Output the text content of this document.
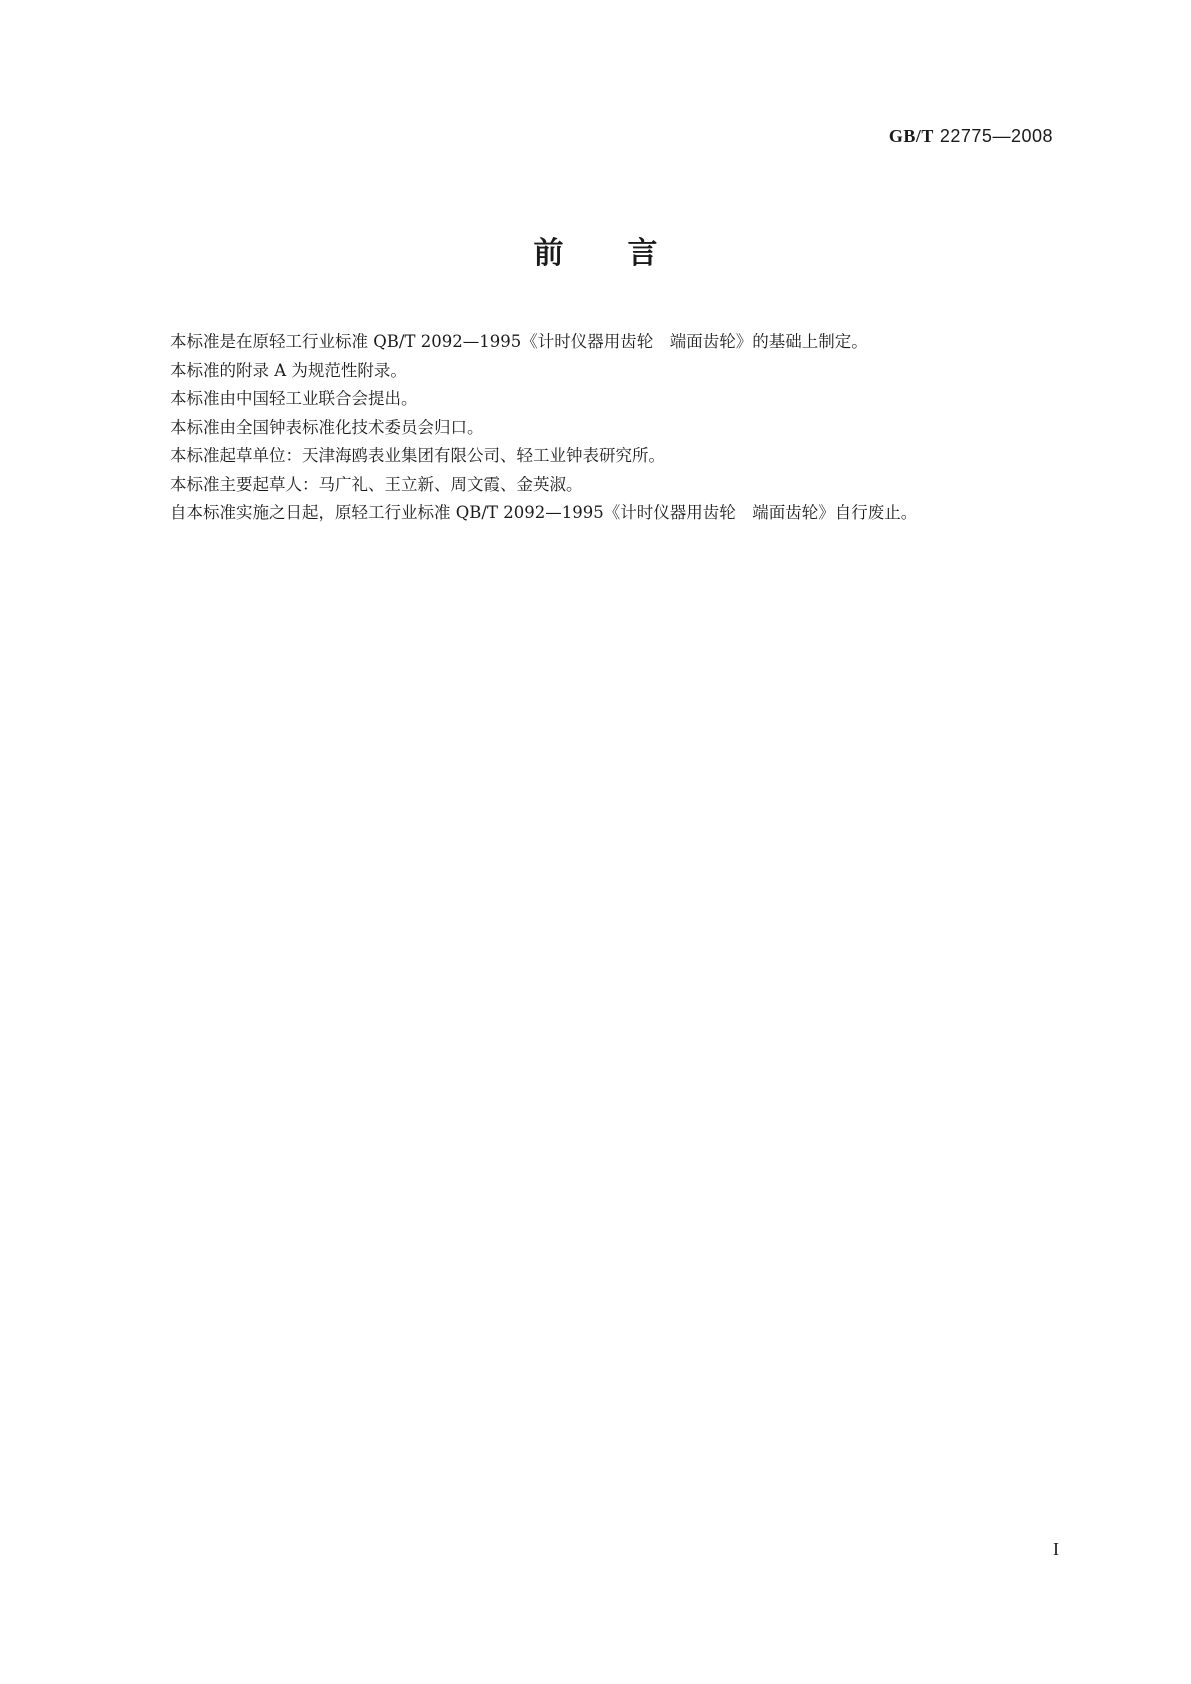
GB/T 22775—2008
前言

本标准是在原轻工行业标准 QB/T 2092—1995《计时仪器用齿轮　端面齿轮》的基础上制定。

本标准的附录 A 为规范性附录。

本标准由中国轻工业联合会提出。

本标准由全国钟表标准化技术委员会归口。

本标准起草单位：天津海鸥表业集团有限公司、轻工业钟表研究所。

本标准主要起草人：马广礼、王立新、周文霞、金英淑。

自本标准实施之日起，原轻工行业标准 QB/T 2092—1995《计时仪器用齿轮　端面齿轮》自行废止。

I
